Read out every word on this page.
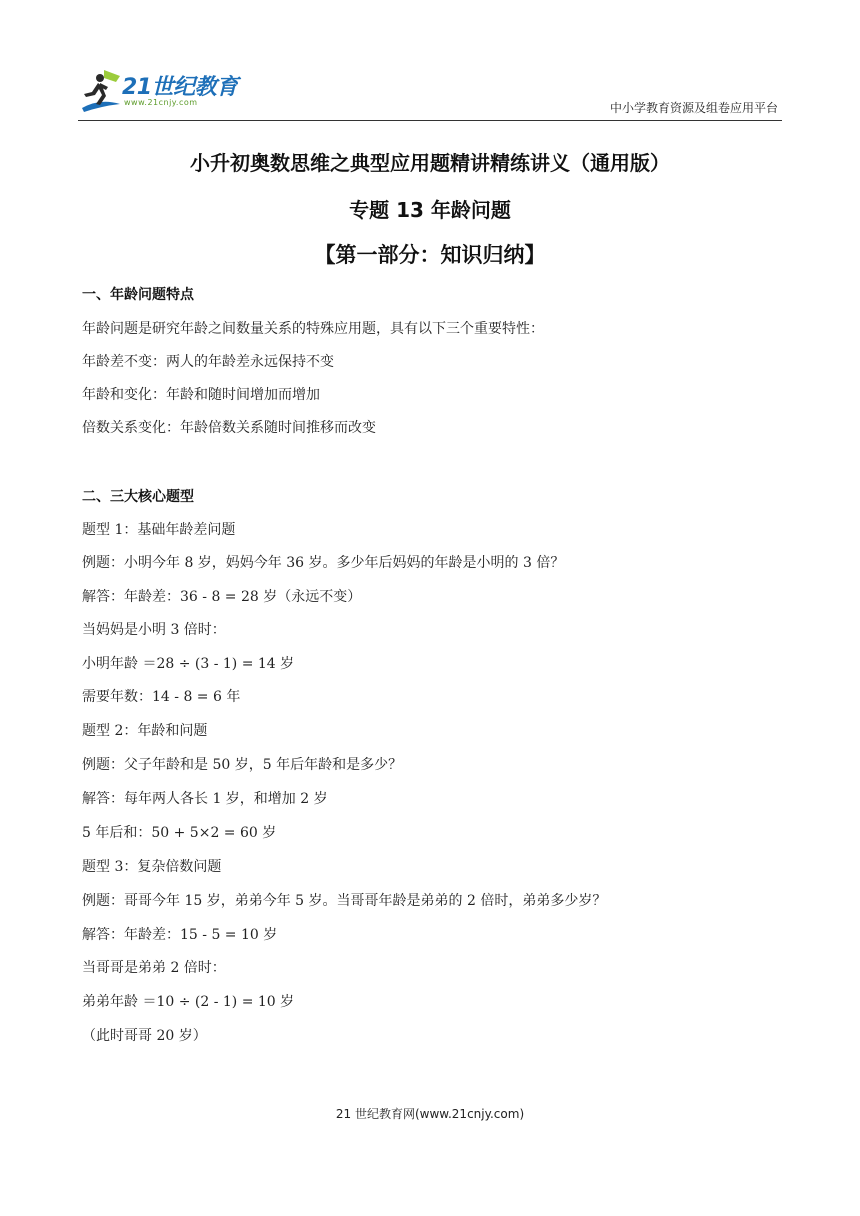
21世纪教育
www.21cnjy.com	中小学教育资源及组卷应用平台
小升初奥数思维之典型应用题精讲精练讲义（通用版）
专题 13 年龄问题
【第一部分：知识归纳】
一、年龄问题特点
年龄问题是研究年龄之间数量关系的特殊应用题，具有以下三个重要特性：
年龄差不变：两人的年龄差永远保持不变
年龄和变化：年龄和随时间增加而增加
倍数关系变化：年龄倍数关系随时间推移而改变
二、三大核心题型
题型 1：基础年龄差问题
例题：小明今年 8 岁，妈妈今年 36 岁。多少年后妈妈的年龄是小明的 3 倍？
解答：年龄差：36 - 8 = 28 岁（永远不变）
当妈妈是小明 3 倍时：
小明年龄 ＝28 ÷ (3 - 1) = 14 岁
需要年数：14 - 8 = 6 年
题型 2：年龄和问题
例题：父子年龄和是 50 岁，5 年后年龄和是多少？
解答：每年两人各长 1 岁，和增加 2 岁
5 年后和：50 + 5×2 = 60 岁
题型 3：复杂倍数问题
例题：哥哥今年 15 岁，弟弟今年 5 岁。当哥哥年龄是弟弟的 2 倍时，弟弟多少岁？
解答：年龄差：15 - 5 = 10 岁
当哥哥是弟弟 2 倍时：
弟弟年龄 ＝10 ÷ (2 - 1) = 10 岁
（此时哥哥 20 岁）
21 世纪教育网(www.21cnjy.com)
